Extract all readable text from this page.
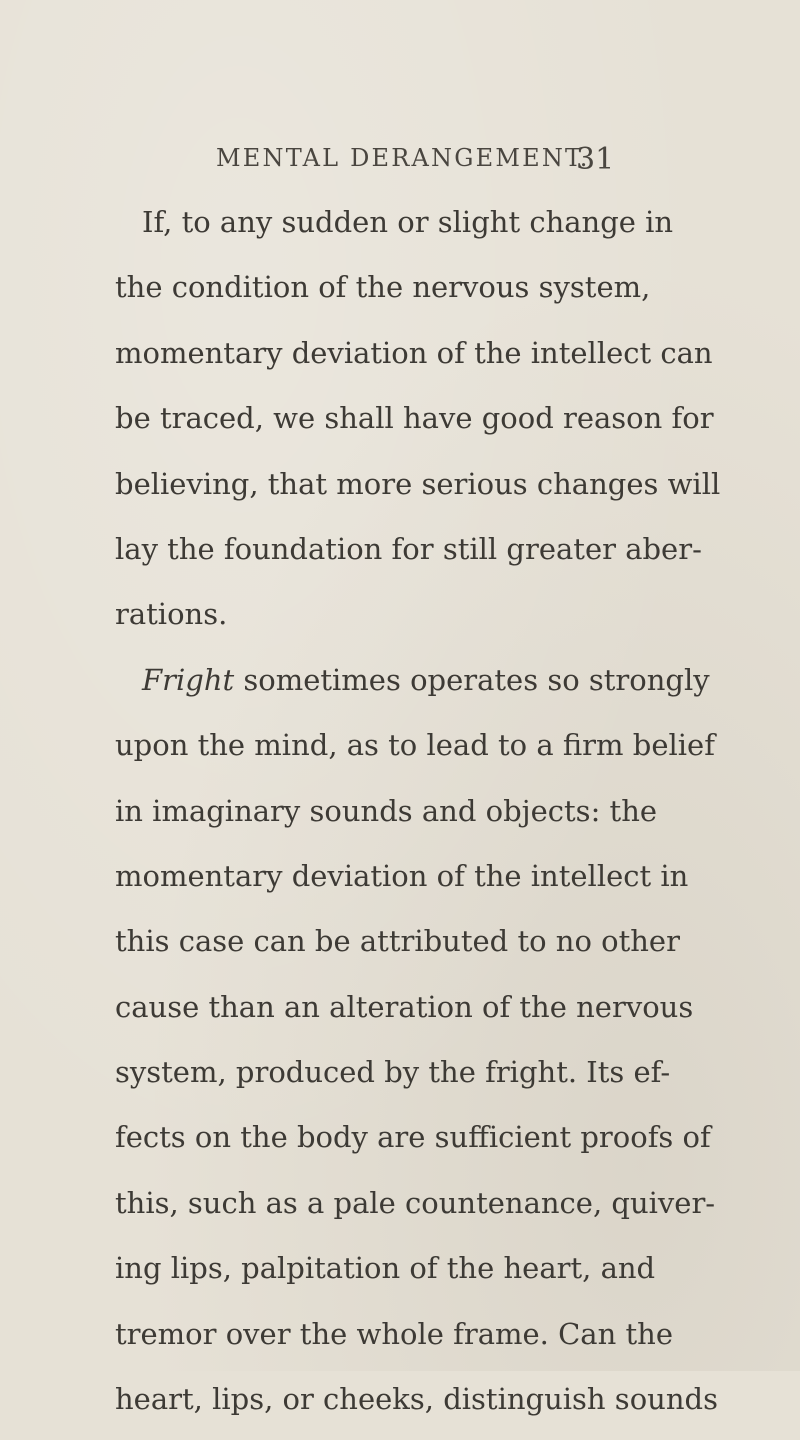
MENTAL DERANGEMENT.
31
If, to any sudden or slight change in
the condition of the nervous system,
momentary deviation of the intellect can
be traced, we shall have good reason for
believing, that more serious changes will
lay the foundation for still greater aber-
rations.
Fright sometimes operates so strongly
upon the mind, as to lead to a firm belief
in imaginary sounds and objects: the
momentary deviation of the intellect in
this case can be attributed to no other
cause than an alteration of the nervous
system, produced by the fright. Its ef-
fects on the body are sufficient proofs of
this, such as a pale countenance, quiver-
ing lips, palpitation of the heart, and
tremor over the whole frame. Can the
heart, lips, or cheeks, distinguish sounds
